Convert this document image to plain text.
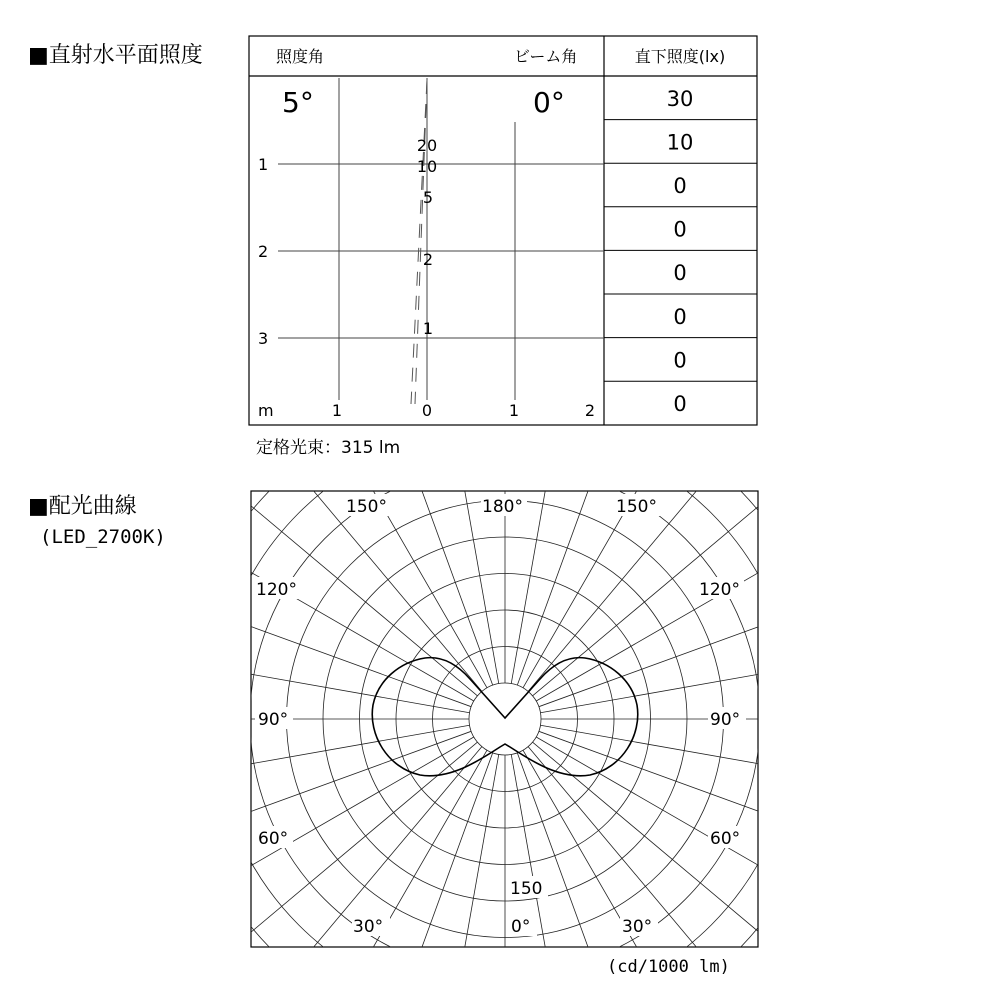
■直射水平面照度	照度角	ビーム角	直下照度(lx)
5°	0°
1
2
3
m	1	0	1	2
20
10
5
2
1
30
10
0
0
0
0
0
0
定格光束：315 lm
■配光曲線
(LED_2700K)
150°	180°	150°
120°	120°
90°	90°
60°	60°
30°	0°	30°
150
(cd/1000 lm)
